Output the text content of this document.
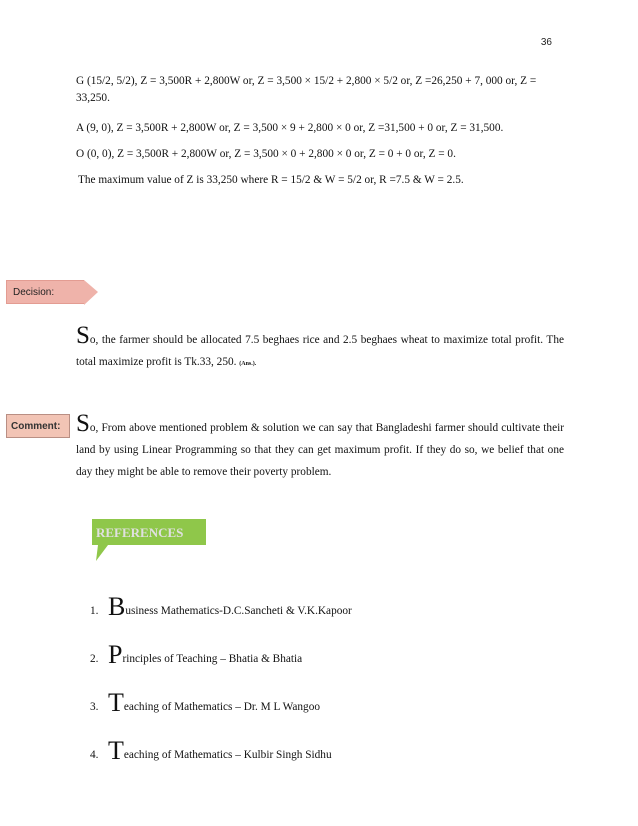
36

G (15/2, 5/2), Z = 3,500R + 2,800W or, Z = 3,500 × 15/2 + 2,800 × 5/2 or, Z =26,250 + 7, 000 or, Z = 33,250.

A (9, 0), Z = 3,500R + 2,800W or, Z = 3,500 × 9 + 2,800 × 0 or, Z =31,500 + 0 or, Z = 31,500.

O (0, 0), Z = 3,500R + 2,800W or, Z = 3,500 × 0 + 2,800 × 0 or, Z = 0 + 0 or, Z = 0.

The maximum value of Z is 33,250 where R = 15/2 & W = 5/2 or, R =7.5 & W = 2.5.

Decision:
So, the farmer should be allocated 7.5 beghaes rice and 2.5 beghaes wheat to maximize total profit. The total maximize profit is Tk.33, 250. (Ans.).
Comment: So, From above mentioned problem & solution we can say that Bangladeshi farmer should cultivate their land by using Linear Programming so that they can get maximum profit. If they do so, we belief that one day they might be able to remove their poverty problem.
REFERENCES
1. B usiness Mathematics-D.C.Sancheti & V.K.Kapoor
2. P rinciples of Teaching – Bhatia & Bhatia
3. T eaching of Mathematics – Dr. M L Wangoo
4. T eaching of Mathematics – Kulbir Singh Sidhu
